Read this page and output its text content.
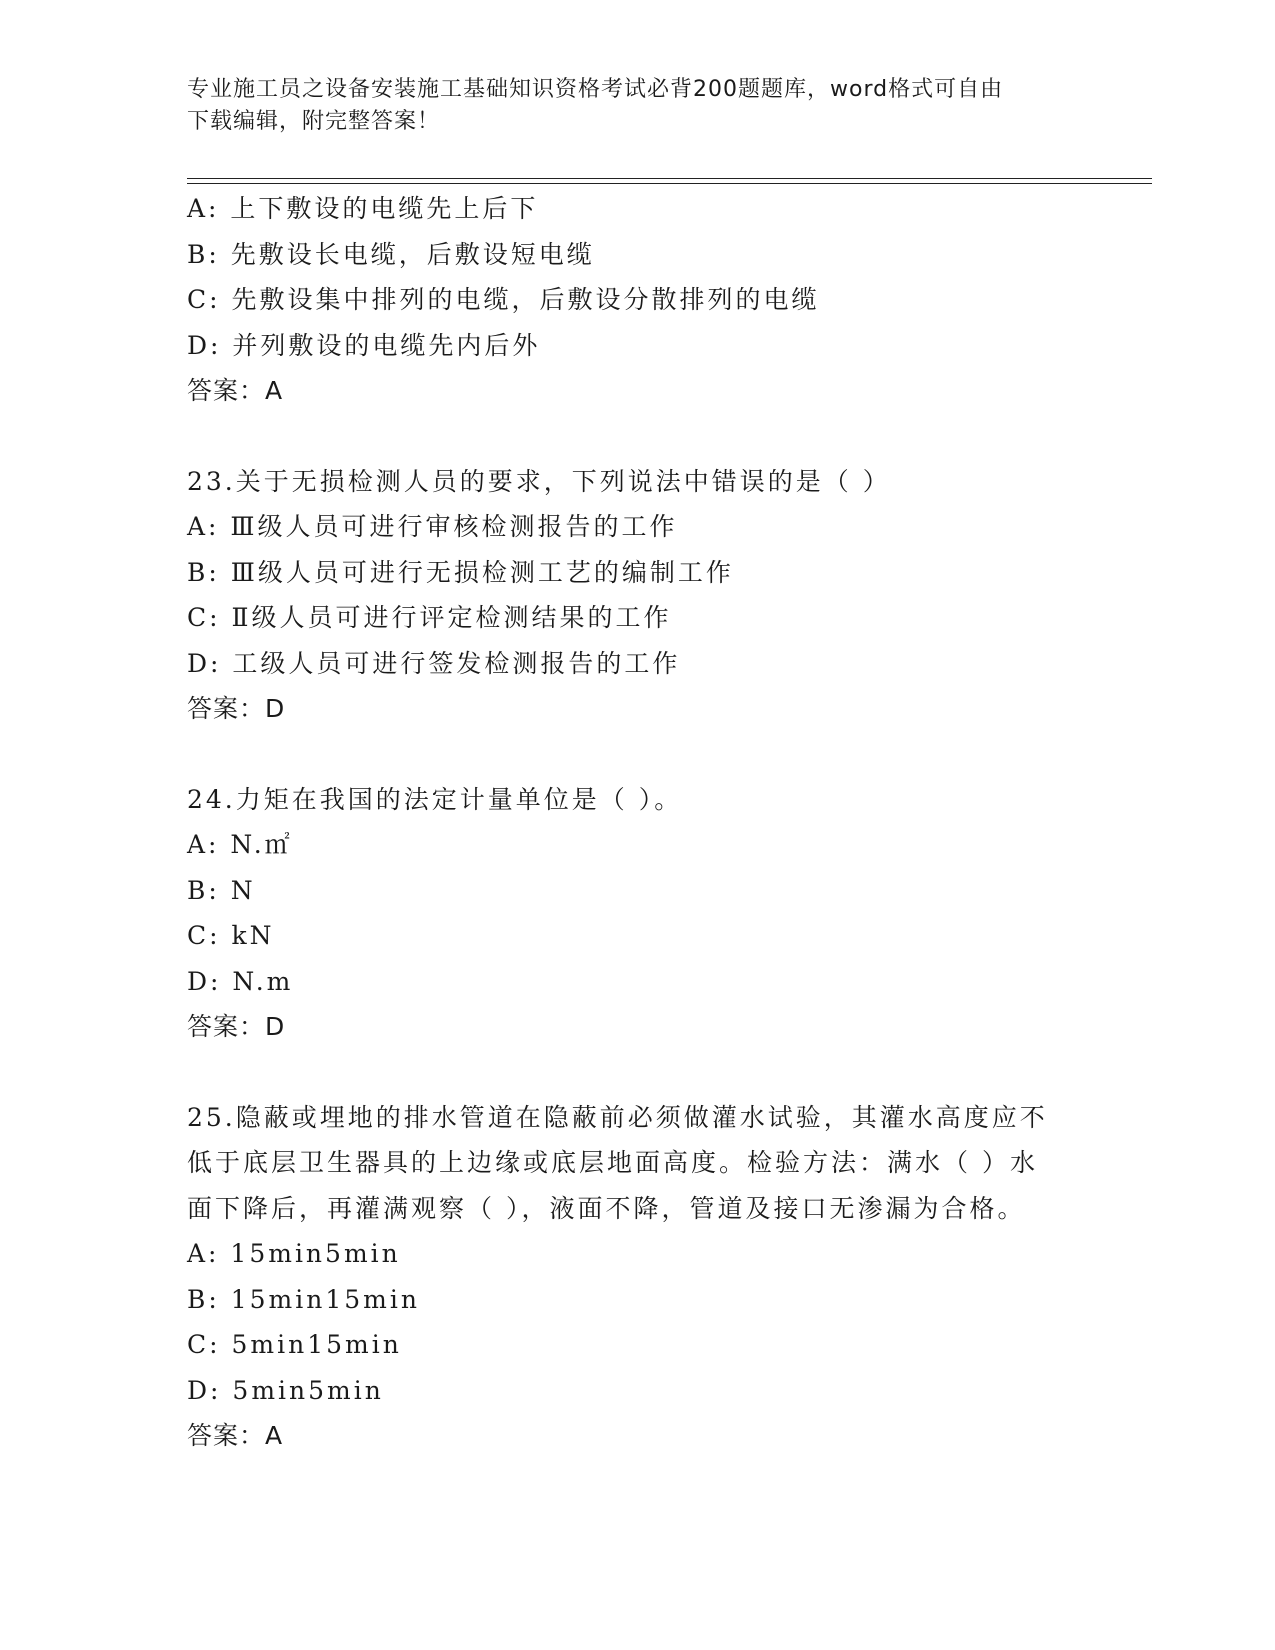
专业施工员之设备安装施工基础知识资格考试必背200题题库，word格式可自由
下载编辑，附完整答案！
A: 上下敷设的电缆先上后下
B: 先敷设长电缆，后敷设短电缆
C: 先敷设集中排列的电缆，后敷设分散排列的电缆
D: 并列敷设的电缆先内后外
答案：A
23.关于无损检测人员的要求，下列说法中错误的是（ ）
A: Ⅲ级人员可进行审核检测报告的工作
B: Ⅲ级人员可进行无损检测工艺的编制工作
C: Ⅱ级人员可进行评定检测结果的工作
D: 工级人员可进行签发检测报告的工作
答案：D
24.力矩在我国的法定计量单位是（ ）。
A: N.㎡
B: N
C: kN
D: N.m
答案：D
25.隐蔽或埋地的排水管道在隐蔽前必须做灌水试验，其灌水高度应不
低于底层卫生器具的上边缘或底层地面高度。检验方法：满水（ ）水
面下降后，再灌满观察（ ），液面不降，管道及接口无渗漏为合格。
A: 15min5min
B: 15min15min
C: 5min15min
D: 5min5min
答案：A
